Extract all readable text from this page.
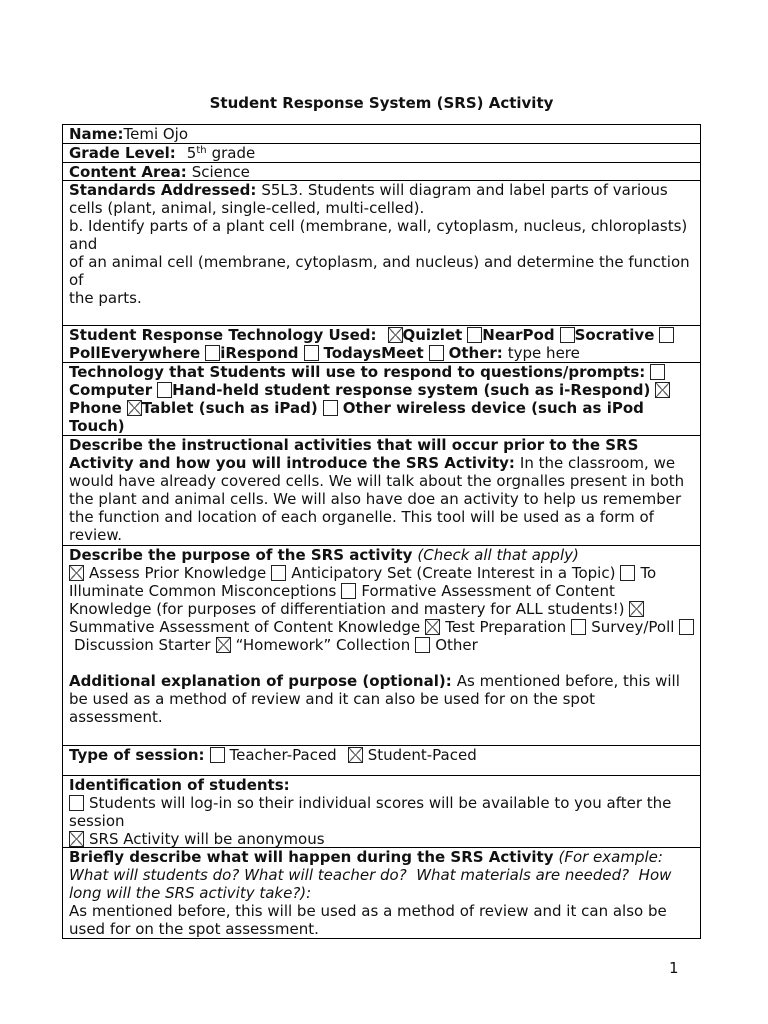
Student Response System (SRS) Activity
Name: Temi Ojo
Grade Level: 5 th grade
Content Area: Science
Standards Addressed: S5L3. Students will diagram and label parts of various
cells (plant, animal, single-celled, multi-celled).
b. Identify parts of a plant cell (membrane, wall, cytoplasm, nucleus, chloroplasts)
and
of an animal cell (membrane, cytoplasm, and nucleus) and determine the function
of
the parts.
Student Response Technology Used: Quizlet NearPod Socrative
PollEverywhere iRespond TodaysMeet Other: type here
Technology that Students will use to respond to questions/prompts:
Computer Hand-held student response system (such as i-Respond)
Phone Tablet (such as iPad) Other wireless device (such as iPod
Touch)
Describe the instructional activities that will occur prior to the SRS
Activity and how you will introduce the SRS Activity: In the classroom, we
would have already covered cells. We will talk about the orgnalles present in both
the plant and animal cells. We will also have doe an activity to help us remember
the function and location of each organelle. This tool will be used as a form of
review.
Describe the purpose of the SRS activity (Check all that apply)
Assess Prior Knowledge Anticipatory Set (Create Interest in a Topic) To
Illuminate Common Misconceptions Formative Assessment of Content
Knowledge (for purposes of differentiation and mastery for ALL students!)
Summative Assessment of Content Knowledge Test Preparation Survey/Poll
Discussion Starter “Homework” Collection Other
Additional explanation of purpose (optional): As mentioned before, this will
be used as a method of review and it can also be used for on the spot
assessment.
Type of session: Teacher-Paced Student-Paced
Identification of students:
Students will log-in so their individual scores will be available to you after the
session
SRS Activity will be anonymous
Briefly describe what will happen during the SRS Activity (For example:
What will students do? What will teacher do?  What materials are needed?  How
long will the SRS activity take?):
As mentioned before, this will be used as a method of review and it can also be
used for on the spot assessment.
1
